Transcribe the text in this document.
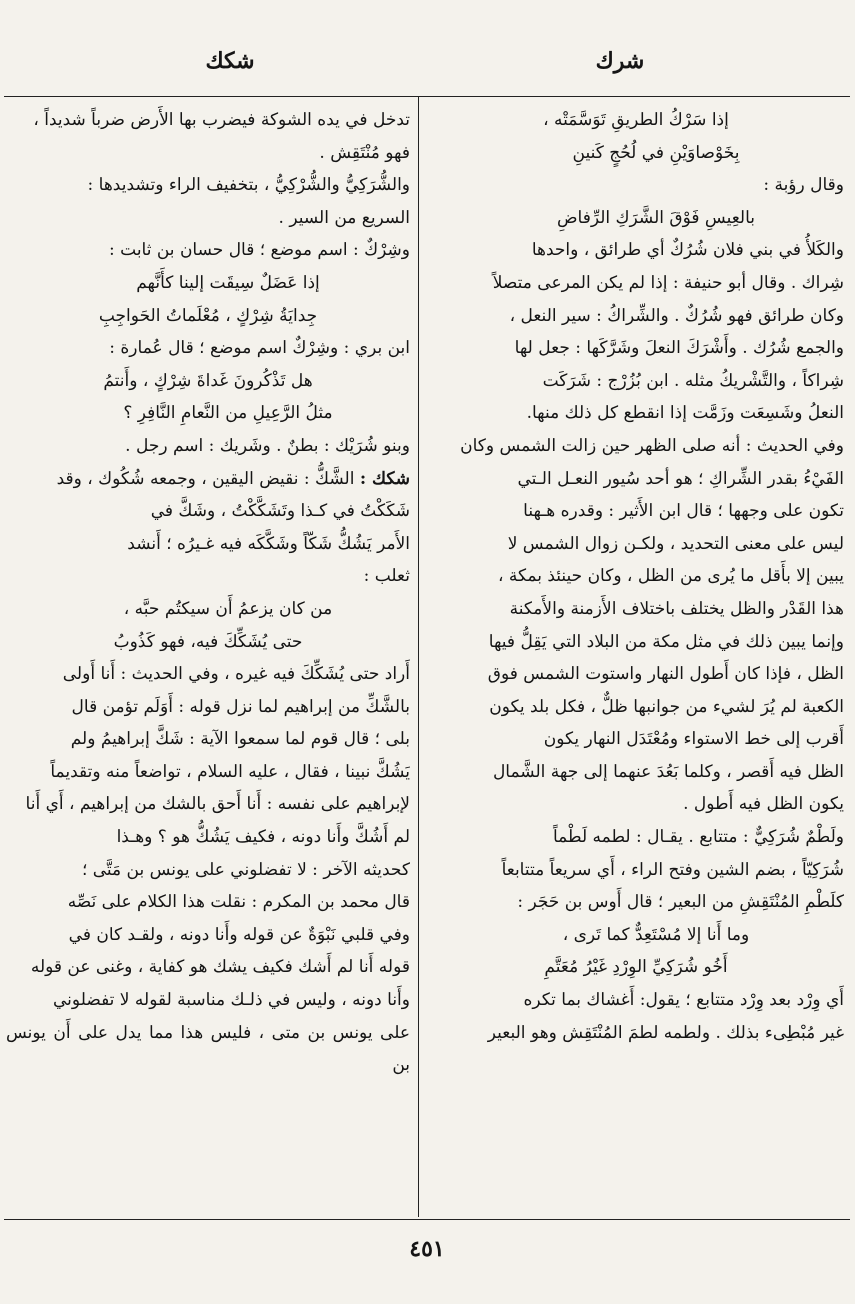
شرك
شكك

إذا سَرْكُ الطريقِ تَوَسَّمَتْه ،

بِخَوْصاوَيْنِ في لُحُجٍ كَنينِ

وقال رؤبة :

بالعِيسِ فَوْقَ الشَّرَكِ الرِّفاضِ

والكَلأُ في بني فلان شُرُكٌ أي طرائق ، واحدها

شِراك . وقال أبو حنيفة : إذا لم يكن المرعى متصلاً

وكان طرائق فهو شُرُكٌ . والشِّراكُ : سير النعل ،

والجمع شُرُك . وأَشْرَكَ النعلَ وشَرَّكَها : جعل لها

شِراكاً ، والتَّشْريكُ مثله . ابن بُزُرْج : شَرَكَت

النعلُ وشَسِعَت وزَمَّت إذا انقطع كل ذلك منها.

وفي الحديث : أنه صلى الظهر حين زالت الشمس وكان

الفَيْءُ بقدر الشِّراكِ ؛ هو أحد سُيور النعـل الـتي

تكون على وجهها ؛ قال ابن الأَثير : وقدره هـهنا

ليس على معنى التحديد ، ولكـن زوال الشمس لا

يبين إلا بأَقل ما يُرى من الظل ، وكان حينئذ بمكة ،

هذا القَدْر والظل يختلف باختلاف الأَزمنة والأَمكنة

وإنما يبين ذلك في مثل مكة من البلاد التي يَقِلُّ فيها

الظل ، فإذا كان أَطول النهار واستوت الشمس فوق

الكعبة لم يُرَ لشيء من جوانبها ظلٌّ ، فكل بلد يكون

أَقرب إلى خط الاستواء ومُعْتَدَل النهار يكون

الظل فيه أَقصر ، وكلما بَعُدَ عنهما إلى جهة الشَّمال

يكون الظل فيه أَطول .

ولَطْمٌ شُرَكِيٌّ : متتابع . يقـال : لطمه لَطْماً

شُرَكِيّاً ، بضم الشين وفتح الراء ، أَي سريعاً متتابعاً

كلَطْمِ المُنْتَقِشِ من البعير ؛ قال أَوس بن حَجَر :

وما أَنا إلا مُسْتَعِدٌّ كما تَرى ،

أَخُو شُرَكِيِّ الوِرْدِ غَيْرُ مُعَتَّمِ

أَي وِرْد بعد وِرْد متتابع ؛ يقول: أَغشاك بما تكره

غير مُبْطِىء بذلك . ولطمه لطمَ المُنْتَقِش وهو البعير

تدخل في يده الشوكة فيضرب بها الأَرض ضرباً شديداً ،

فهو مُنْتَقِش .

والشُّرَكِيُّ والشُّرْكِيُّ ، بتخفيف الراء وتشديدها :

السريع من السير .

وشِرْكٌ : اسم موضع ؛ قال حسان بن ثابت :

إذا عَضَلٌ سِيقَت إلينا كأَنَّهم

جِدايَةُ شِرْكٍ ، مُعْلَماتُ الحَواجِبِ

ابن بري : وشِرْكٌ اسم موضع ؛ قال عُمارة :

هل تَذْكُرونَ غَداةَ شِرْكٍ ، وأَنتمُ

مثلُ الرَّعِيلِ من النَّعامِ النَّافِرِ ؟

وبنو شُرَيْك : بطنٌ . وشَريك : اسم رجل .

شكك : الشَّكُّ : نقيض اليقين ، وجمعه شُكُوك ، وقد

شَكَكْتُ في كـذا وتَشَكَّكْتُ ، وشَكَّ في

الأَمر يَشُكُّ شَكّاً وشَكَّكَه فيه غـيرُه ؛ أَنشد

ثعلب :

من كان يزعمُ أَن سيكتُم حبَّه ،

حتى يُشَكِّكَ فيه، فهو كَذُوبُ

أَراد حتى يُشَكِّكَ فيه غيره ، وفي الحديث : أَنا أَولى

بالشَّكِّ من إبراهيم لما نزل قوله : أَوَلَم تؤمن قال

بلى ؛ قال قوم لما سمعوا الآية : شَكَّ إبراهيمُ ولم

يَشُكَّ نبينا ، فقال ، عليه السلام ، تواضعاً منه وتقديماً

لإبراهيم على نفسه : أَنا أَحق بالشك من إبراهيم ، أَي أَنا

لم أَشُكَّ وأَنا دونه ، فكيف يَشُكُّ هو ؟ وهـذا

كحديثه الآخر : لا تفضلوني على يونس بن مَتَّى ؛

قال محمد بن المكرم : نقلت هذا الكلام على نَصِّه

وفي قلبي نَبْوَةٌ عن قوله وأَنا دونه ، ولقـد كان في

قوله أَنا لم أَشك فكيف يشك هو كفاية ، وغنى عن قوله

وأَنا دونه ، وليس في ذلـك مناسبة لقوله لا تفضلوني

على يونس بن متى ، فليس هذا مما يدل على أَن يونس بن

٤٥١
